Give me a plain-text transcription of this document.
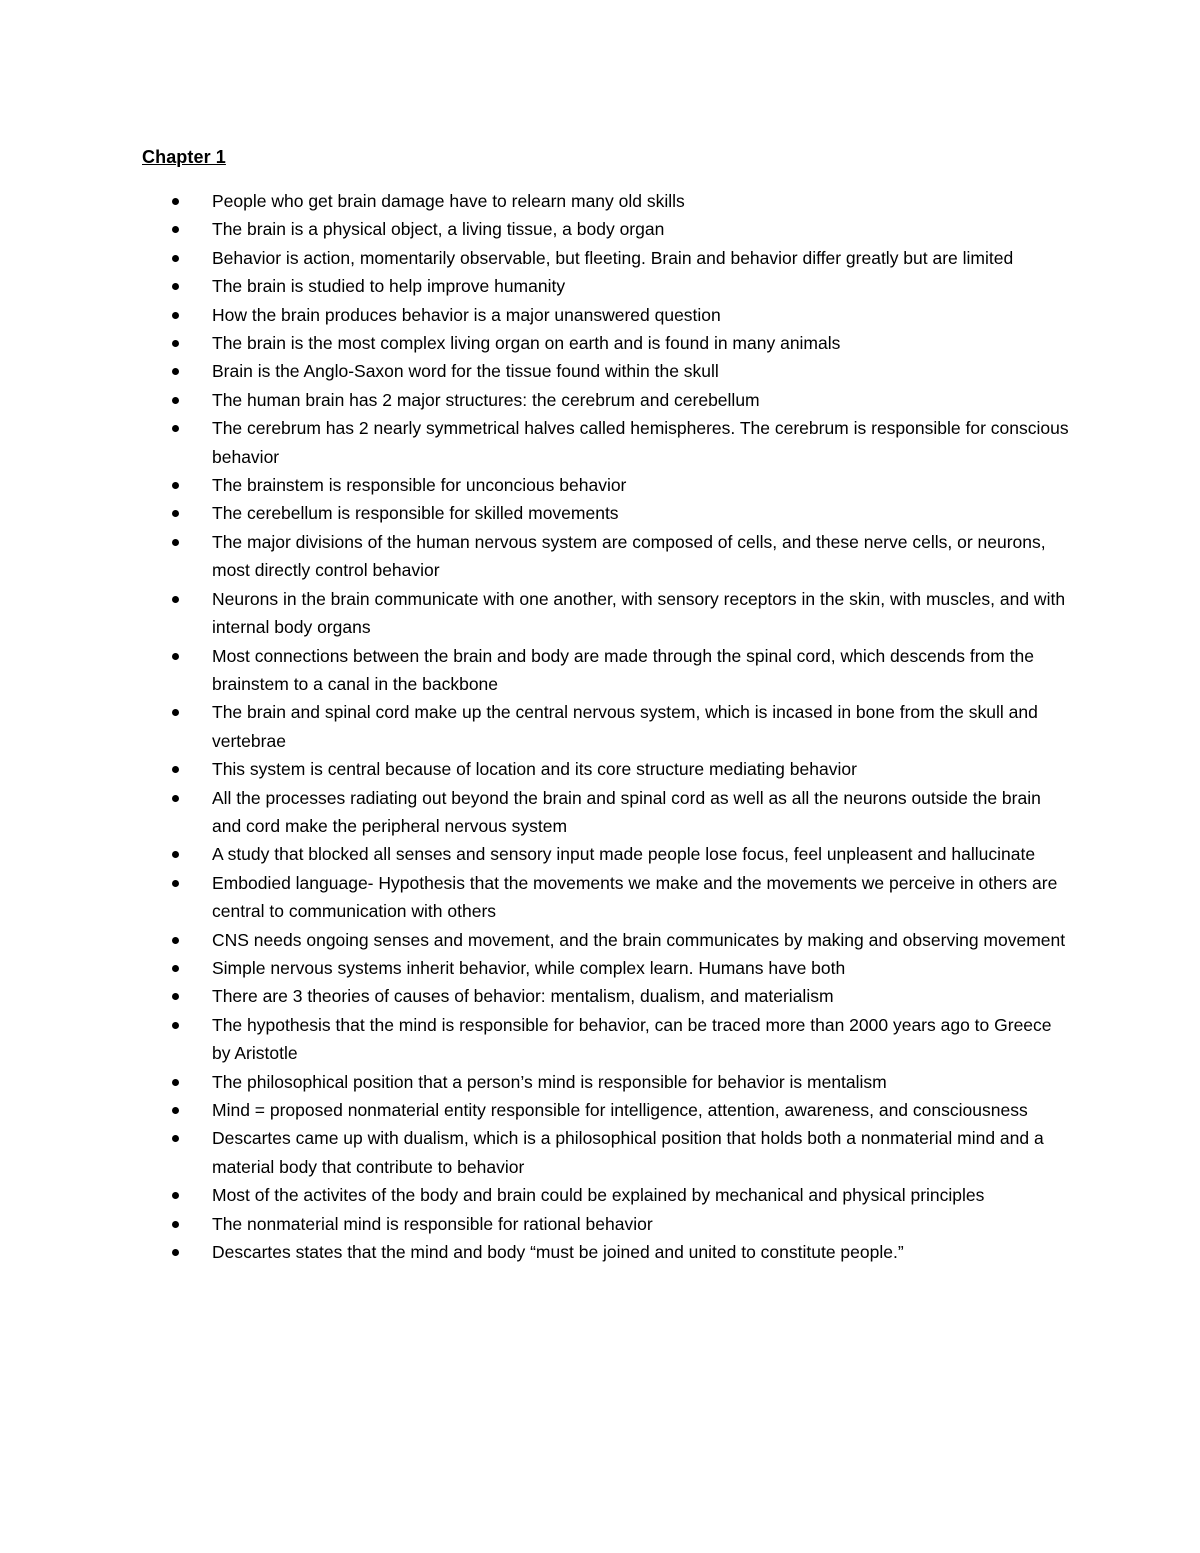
Chapter 1
People who get brain damage have to relearn many old skills
The brain is a physical object, a living tissue, a body organ
Behavior is action, momentarily observable, but fleeting. Brain and behavior differ greatly but are limited
The brain is studied to help improve humanity
How the brain produces behavior is a major unanswered question
The brain is the most complex living organ on earth and is found in many animals
Brain is the Anglo-Saxon word for the tissue found within the skull
The human brain has 2 major structures: the cerebrum and cerebellum
The cerebrum has 2 nearly symmetrical halves called hemispheres. The cerebrum is responsible for conscious behavior
The brainstem is responsible for unconcious behavior
The cerebellum is responsible for skilled movements
The major divisions of the human nervous system are composed of cells, and these nerve cells, or neurons, most directly control behavior
Neurons in the brain communicate with one another, with sensory receptors in the skin, with muscles, and with internal body organs
Most connections between the brain and body are made through the spinal cord, which descends from the brainstem to a canal in the backbone
The brain and spinal cord make up the central nervous system, which is incased in bone from the skull and vertebrae
This system is central because of location and its core structure mediating behavior
All the processes radiating out beyond the brain and spinal cord as well as all the neurons outside the brain and cord make the peripheral nervous system
A study that blocked all senses and sensory input made people lose focus, feel unpleasent and hallucinate
Embodied language- Hypothesis that the movements we make and the movements we perceive in others are central to communication with others
CNS needs ongoing senses and movement, and the brain communicates by making and observing movement
Simple nervous systems inherit behavior, while complex learn. Humans have both
There are 3 theories of causes of behavior: mentalism, dualism, and materialism
The hypothesis that the mind is responsible for behavior, can be traced more than 2000 years ago to Greece by Aristotle
The philosophical position that a person’s mind is responsible for behavior is mentalism
Mind = proposed nonmaterial entity responsible for intelligence, attention, awareness, and consciousness
Descartes came up with dualism, which is a philosophical position that holds both a nonmaterial mind and a material body that contribute to behavior
Most of the activites of the body and brain could be explained by mechanical and physical principles
The nonmaterial mind is responsible for rational behavior
Descartes states that the mind and body “must be joined and united to constitute people.”
